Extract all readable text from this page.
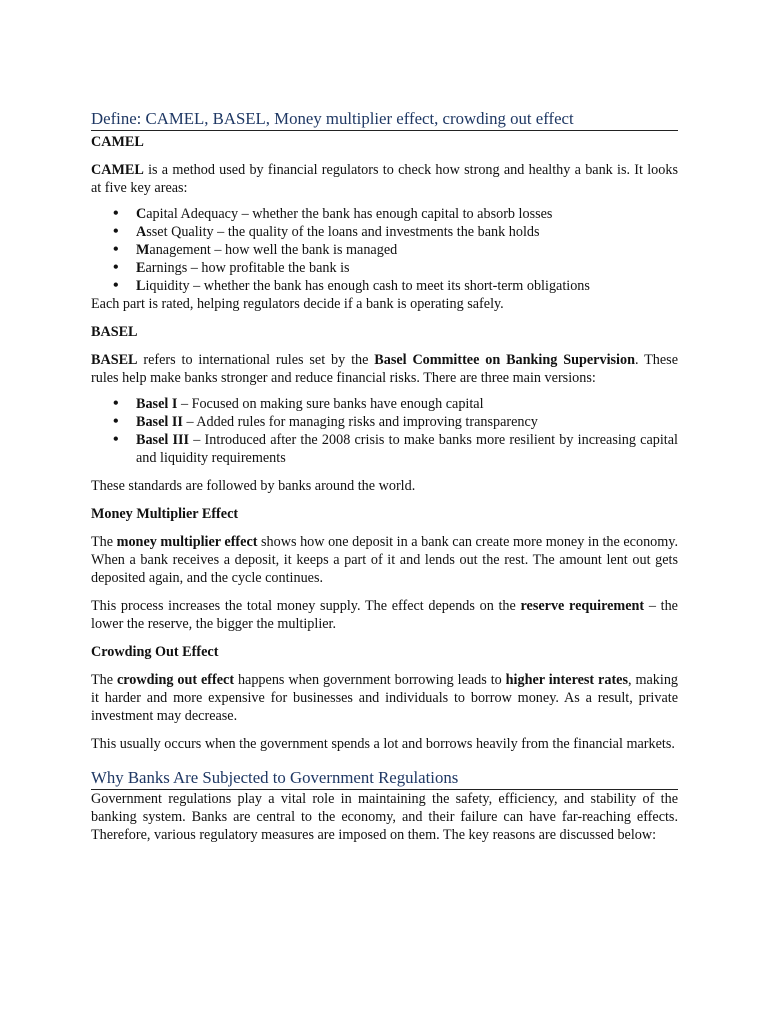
Define: CAMEL, BASEL, Money multiplier effect, crowding out effect
CAMEL

CAMEL is a method used by financial regulators to check how strong and healthy a bank is. It looks at five key areas:

• Capital Adequacy – whether the bank has enough capital to absorb losses
• Asset Quality – the quality of the loans and investments the bank holds
• Management – how well the bank is managed
• Earnings – how profitable the bank is
• Liquidity – whether the bank has enough cash to meet its short-term obligations

Each part is rated, helping regulators decide if a bank is operating safely.

BASEL

BASEL refers to international rules set by the Basel Committee on Banking Supervision. These rules help make banks stronger and reduce financial risks. There are three main versions:

• Basel I – Focused on making sure banks have enough capital
• Basel II – Added rules for managing risks and improving transparency
• Basel III – Introduced after the 2008 crisis to make banks more resilient by increasing capital and liquidity requirements

These standards are followed by banks around the world.

Money Multiplier Effect

The money multiplier effect shows how one deposit in a bank can create more money in the economy. When a bank receives a deposit, it keeps a part of it and lends out the rest. The amount lent out gets deposited again, and the cycle continues.

This process increases the total money supply. The effect depends on the reserve requirement – the lower the reserve, the bigger the multiplier.

Crowding Out Effect

The crowding out effect happens when government borrowing leads to higher interest rates, making it harder and more expensive for businesses and individuals to borrow money. As a result, private investment may decrease.

This usually occurs when the government spends a lot and borrows heavily from the financial markets.

Why Banks Are Subjected to Government Regulations

Government regulations play a vital role in maintaining the safety, efficiency, and stability of the banking system. Banks are central to the economy, and their failure can have far-reaching effects. Therefore, various regulatory measures are imposed on them. The key reasons are discussed below:
